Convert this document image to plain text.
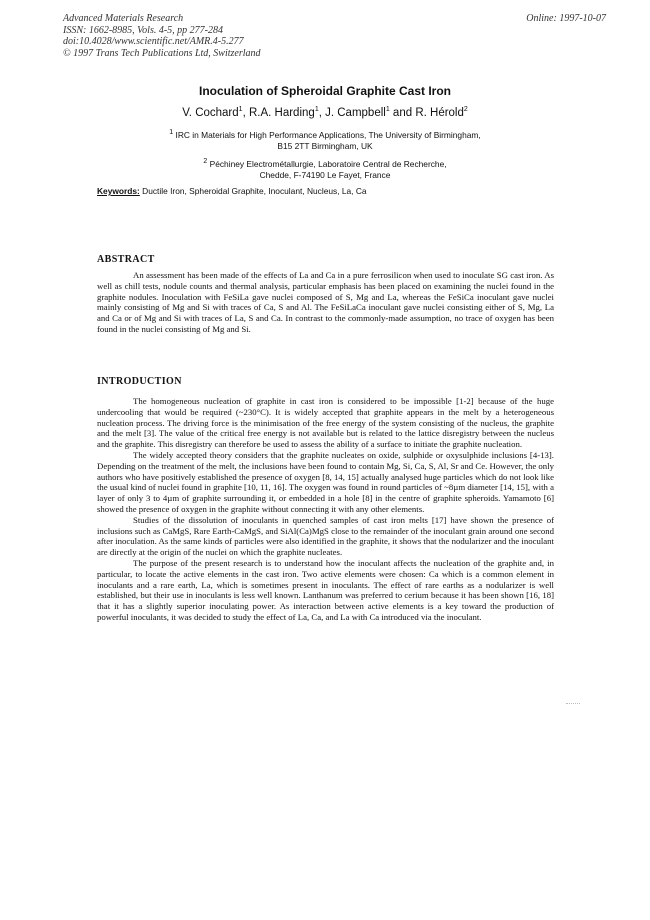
Advanced Materials Research
ISSN: 1662-8985, Vols. 4-5, pp 277-284
doi:10.4028/www.scientific.net/AMR.4-5.277
© 1997 Trans Tech Publications Ltd, Switzerland
Online: 1997-10-07
Inoculation of Spheroidal Graphite Cast Iron
V. Cochard$^1$, R.A. Harding$^1$, J. Campbell$^1$ and R. Hérold$^2$
$^1$ IRC in Materials for High Performance Applications, The University of Birmingham,
B15 2TT Birmingham, UK
$^2$ Péchiney Electrométallurgie, Laboratoire Central de Recherche,
Chedde, F-74190 Le Fayet, France
Keywords: Ductile Iron, Spheroidal Graphite, Inoculant, Nucleus, La, Ca
ABSTRACT

An assessment has been made of the effects of La and Ca in a pure ferrosilicon when used to inoculate SG cast iron. As well as chill tests, nodule counts and thermal analysis, particular emphasis has been placed on examining the nuclei found in the graphite nodules. Inoculation with FeSiLa gave nuclei composed of S, Mg and La, whereas the FeSiCa inoculant gave nuclei mainly consisting of Mg and Si with traces of Ca, S and Al. The FeSiLaCa inoculant gave nuclei consisting either of S, Mg, La and Ca or of Mg and Si with traces of La, S and Ca. In contrast to the commonly-made assumption, no trace of oxygen has been found in the nuclei consisting of Mg and Si.

INTRODUCTION

The homogeneous nucleation of graphite in cast iron is considered to be impossible [1-2] because of the huge undercooling that would be required (~230°C). It is widely accepted that graphite appears in the melt by a heterogeneous nucleation process. The driving force is the minimisation of the free energy of the system consisting of the nucleus, the graphite and the melt [3]. The value of the critical free energy is not available but is related to the lattice disregistry between the nucleus and the graphite. This disregistry can therefore be used to assess the ability of a surface to initiate the graphite nucleation.

The widely accepted theory considers that the graphite nucleates on oxide, sulphide or oxysulphide inclusions [4-13]. Depending on the treatment of the melt, the inclusions have been found to contain Mg, Si, Ca, S, Al, Sr and Ce. However, the only authors who have positively established the presence of oxygen [8, 14, 15] actually analysed huge particles which do not look like the usual kind of nuclei found in graphite [10, 11, 16]. The oxygen was found in round particles of ~8µm diameter [14, 15], with a layer of only 3 to 4µm of graphite surrounding it, or embedded in a hole [8] in the centre of graphite spheroids. Yamamoto [6] showed the presence of oxygen in the graphite without connecting it with any other elements.

Studies of the dissolution of inoculants in quenched samples of cast iron melts [17] have shown the presence of inclusions such as CaMgS, Rare Earth-CaMgS, and SiAl(Ca)MgS close to the remainder of the inoculant grain around one second after inoculation. As the same kinds of particles were also identified in the graphite, it shows that the nodularizer and the inoculant are directly at the origin of the nuclei on which the graphite nucleates.

The purpose of the present research is to understand how the inoculant affects the nucleation of the graphite and, in particular, to locate the active elements in the cast iron. Two active elements were chosen: Ca which is a common element in inoculants and a rare earth, La, which is sometimes present in inoculants. The effect of rare earths as a nodularizer is well established, but their use in inoculants is less well known. Lanthanum was preferred to cerium because it has been shown [16, 18] that it has a slightly superior inoculating power. As interaction between active elements is a key toward the production of powerful inoculants, it was decided to study the effect of La, Ca, and La with Ca introduced via the inoculant.
